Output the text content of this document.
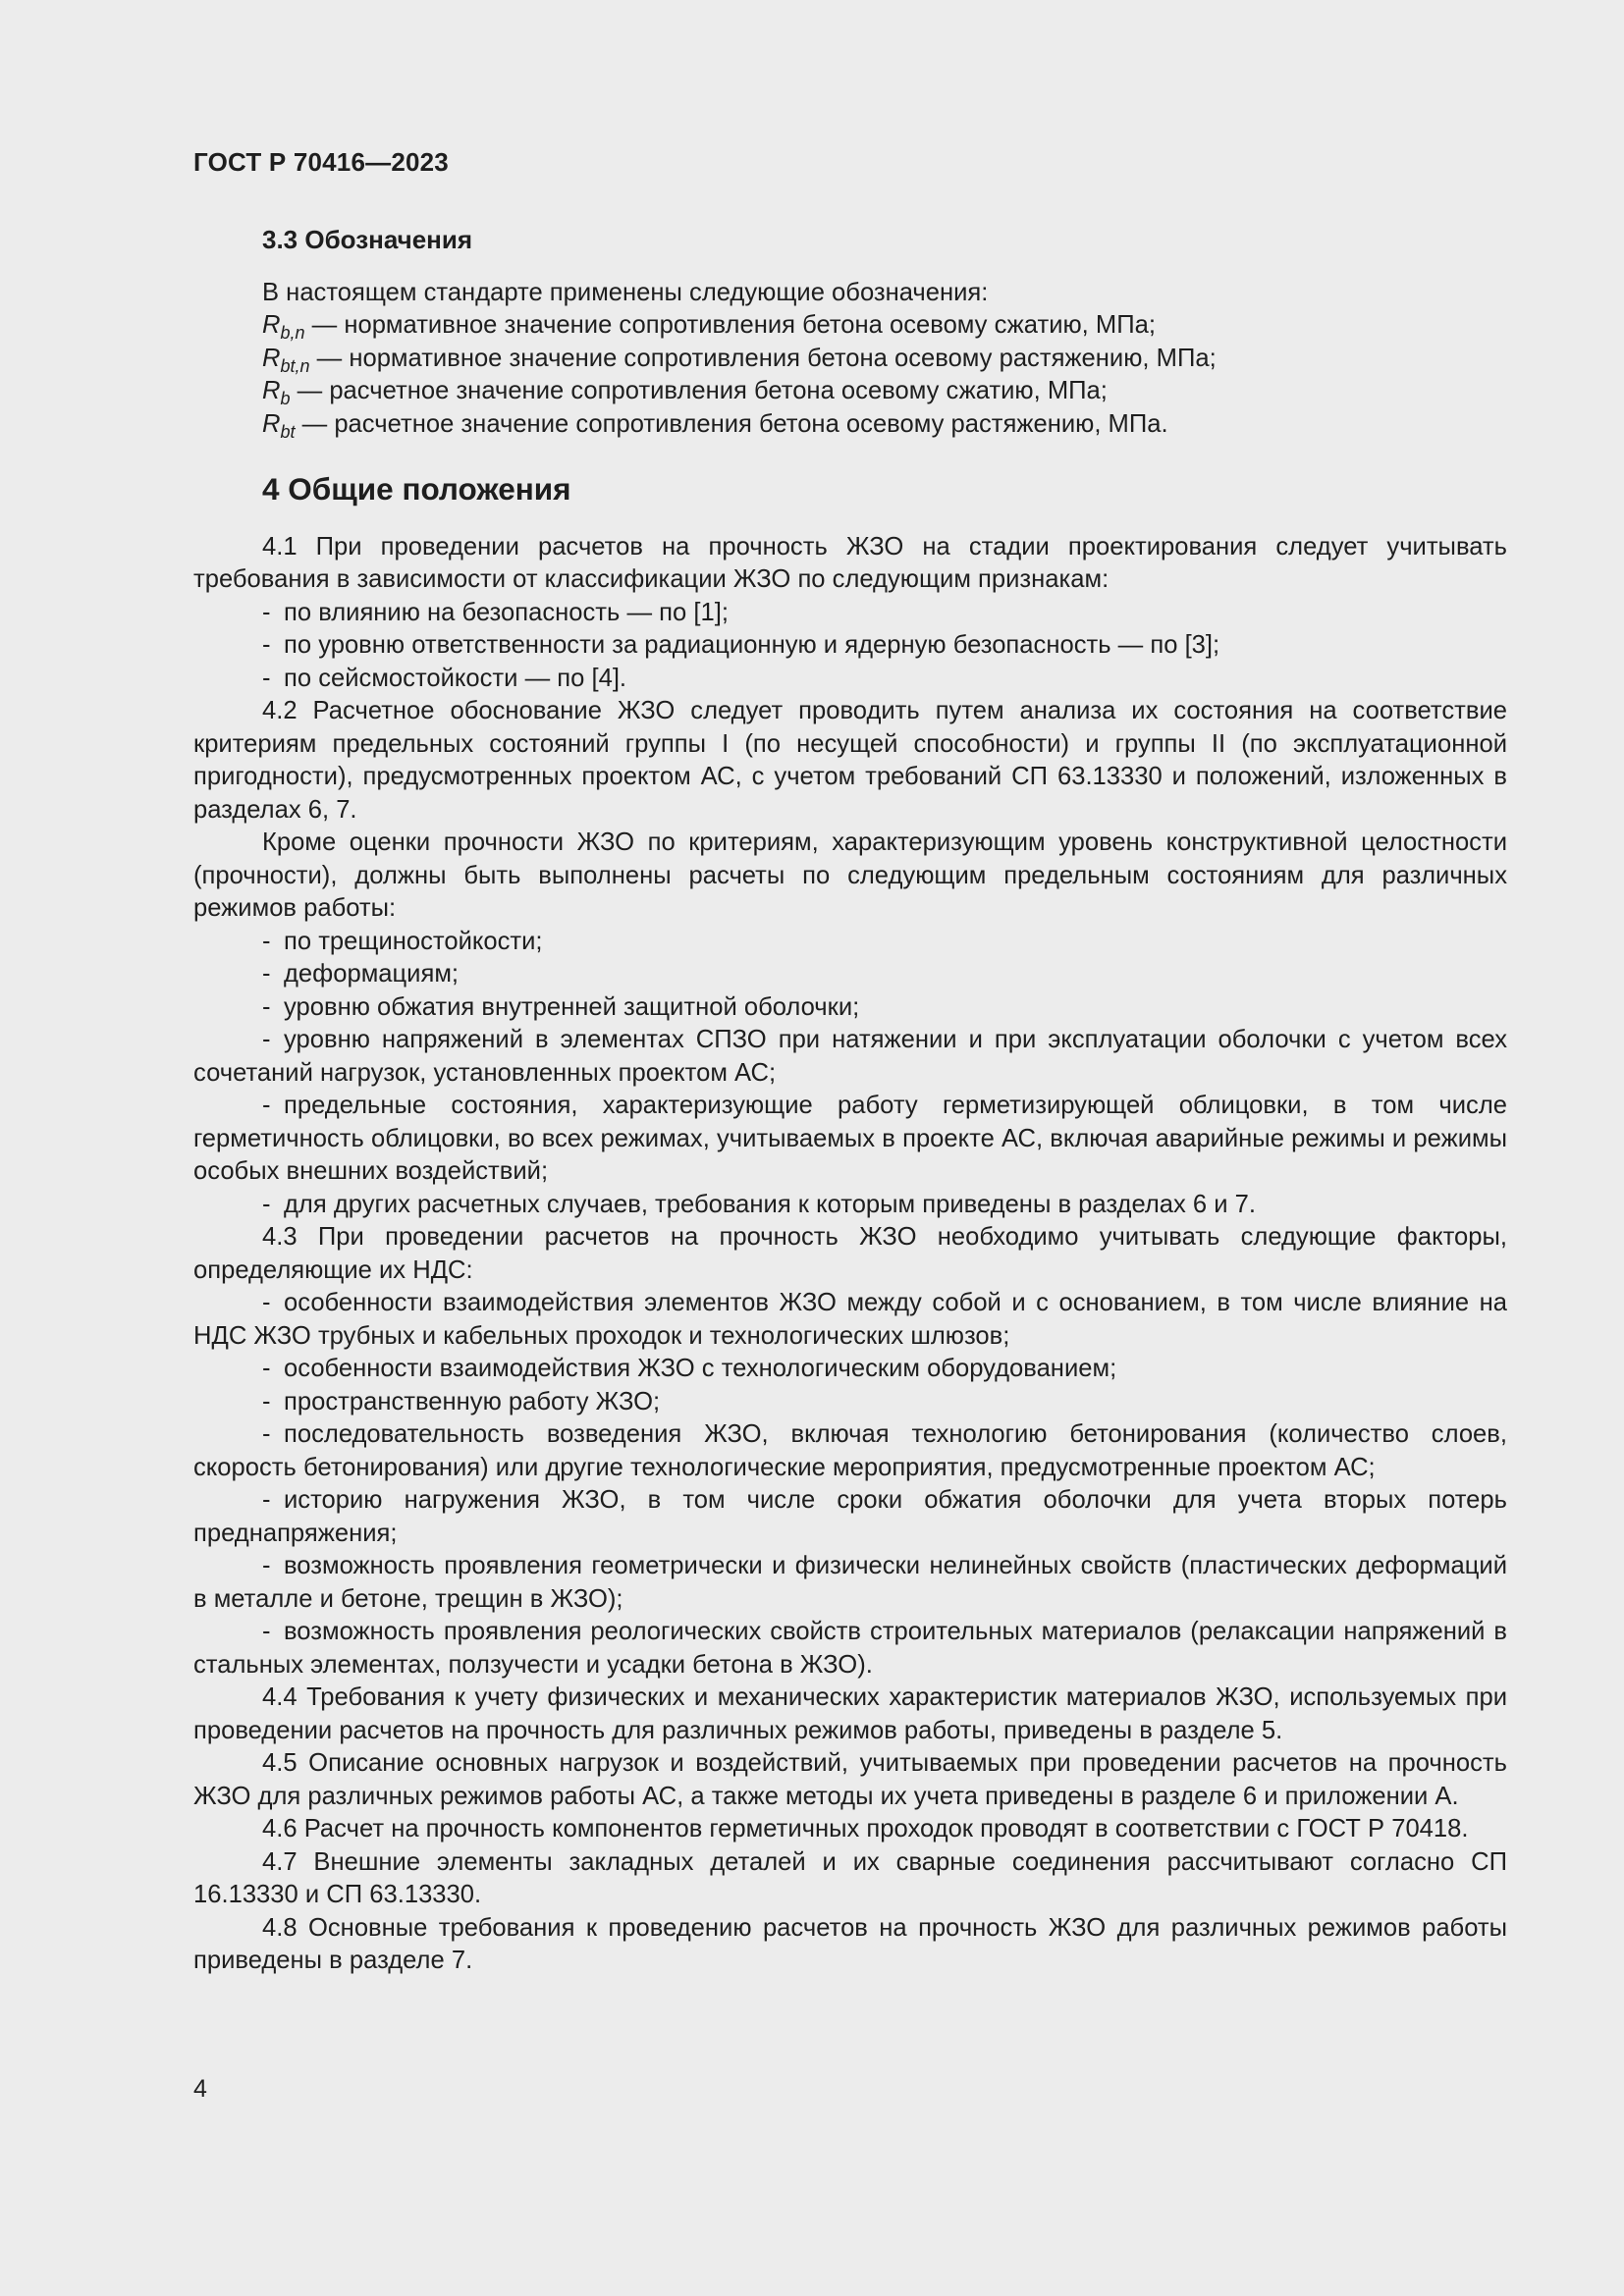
ГОСТ Р 70416—2023
3.3 Обозначения
В настоящем стандарте применены следующие обозначения:
$R_{b,n}$ — нормативное значение сопротивления бетона осевому сжатию, МПа;
$R_{bt,n}$ — нормативное значение сопротивления бетона осевому растяжению, МПа;
$R_b$ — расчетное значение сопротивления бетона осевому сжатию, МПа;
$R_{bt}$ — расчетное значение сопротивления бетона осевому растяжению, МПа.
4 Общие положения

4.1 При проведении расчетов на прочность ЖЗО на стадии проектирования следует учитывать требования в зависимости от классификации ЖЗО по следующим признакам:

- по влиянию на безопасность — по [1];

- по уровню ответственности за радиационную и ядерную безопасность — по [3];

- по сейсмостойкости — по [4].

4.2 Расчетное обоснование ЖЗО следует проводить путем анализа их состояния на соответствие критериям предельных состояний группы I (по несущей способности) и группы II (по эксплуатационной пригодности), предусмотренных проектом АС, с учетом требований СП 63.13330 и положений, изложенных в разделах 6, 7.

Кроме оценки прочности ЖЗО по критериям, характеризующим уровень конструктивной целостности (прочности), должны быть выполнены расчеты по следующим предельным состояниям для различных режимов работы:

- по трещиностойкости;

- деформациям;

- уровню обжатия внутренней защитной оболочки;

- уровню напряжений в элементах СПЗО при натяжении и при эксплуатации оболочки с учетом всех сочетаний нагрузок, установленных проектом АС;

- предельные состояния, характеризующие работу герметизирующей облицовки, в том числе герметичность облицовки, во всех режимах, учитываемых в проекте АС, включая аварийные режимы и режимы особых внешних воздействий;

- для других расчетных случаев, требования к которым приведены в разделах 6 и 7.

4.3 При проведении расчетов на прочность ЖЗО необходимо учитывать следующие факторы, определяющие их НДС:

- особенности взаимодействия элементов ЖЗО между собой и с основанием, в том числе влияние на НДС ЖЗО трубных и кабельных проходок и технологических шлюзов;

- особенности взаимодействия ЖЗО с технологическим оборудованием;

- пространственную работу ЖЗО;

- последовательность возведения ЖЗО, включая технологию бетонирования (количество слоев, скорость бетонирования) или другие технологические мероприятия, предусмотренные проектом АС;

- историю нагружения ЖЗО, в том числе сроки обжатия оболочки для учета вторых потерь преднапряжения;

- возможность проявления геометрически и физически нелинейных свойств (пластических деформаций в металле и бетоне, трещин в ЖЗО);

- возможность проявления реологических свойств строительных материалов (релаксации напряжений в стальных элементах, ползучести и усадки бетона в ЖЗО).

4.4 Требования к учету физических и механических характеристик материалов ЖЗО, используемых при проведении расчетов на прочность для различных режимов работы, приведены в разделе 5.

4.5 Описание основных нагрузок и воздействий, учитываемых при проведении расчетов на прочность ЖЗО для различных режимов работы АС, а также методы их учета приведены в разделе 6 и приложении А.

4.6 Расчет на прочность компонентов герметичных проходок проводят в соответствии с ГОСТ Р 70418.

4.7 Внешние элементы закладных деталей и их сварные соединения рассчитывают согласно СП 16.13330 и СП 63.13330.

4.8 Основные требования к проведению расчетов на прочность ЖЗО для различных режимов работы приведены в разделе 7.

4
